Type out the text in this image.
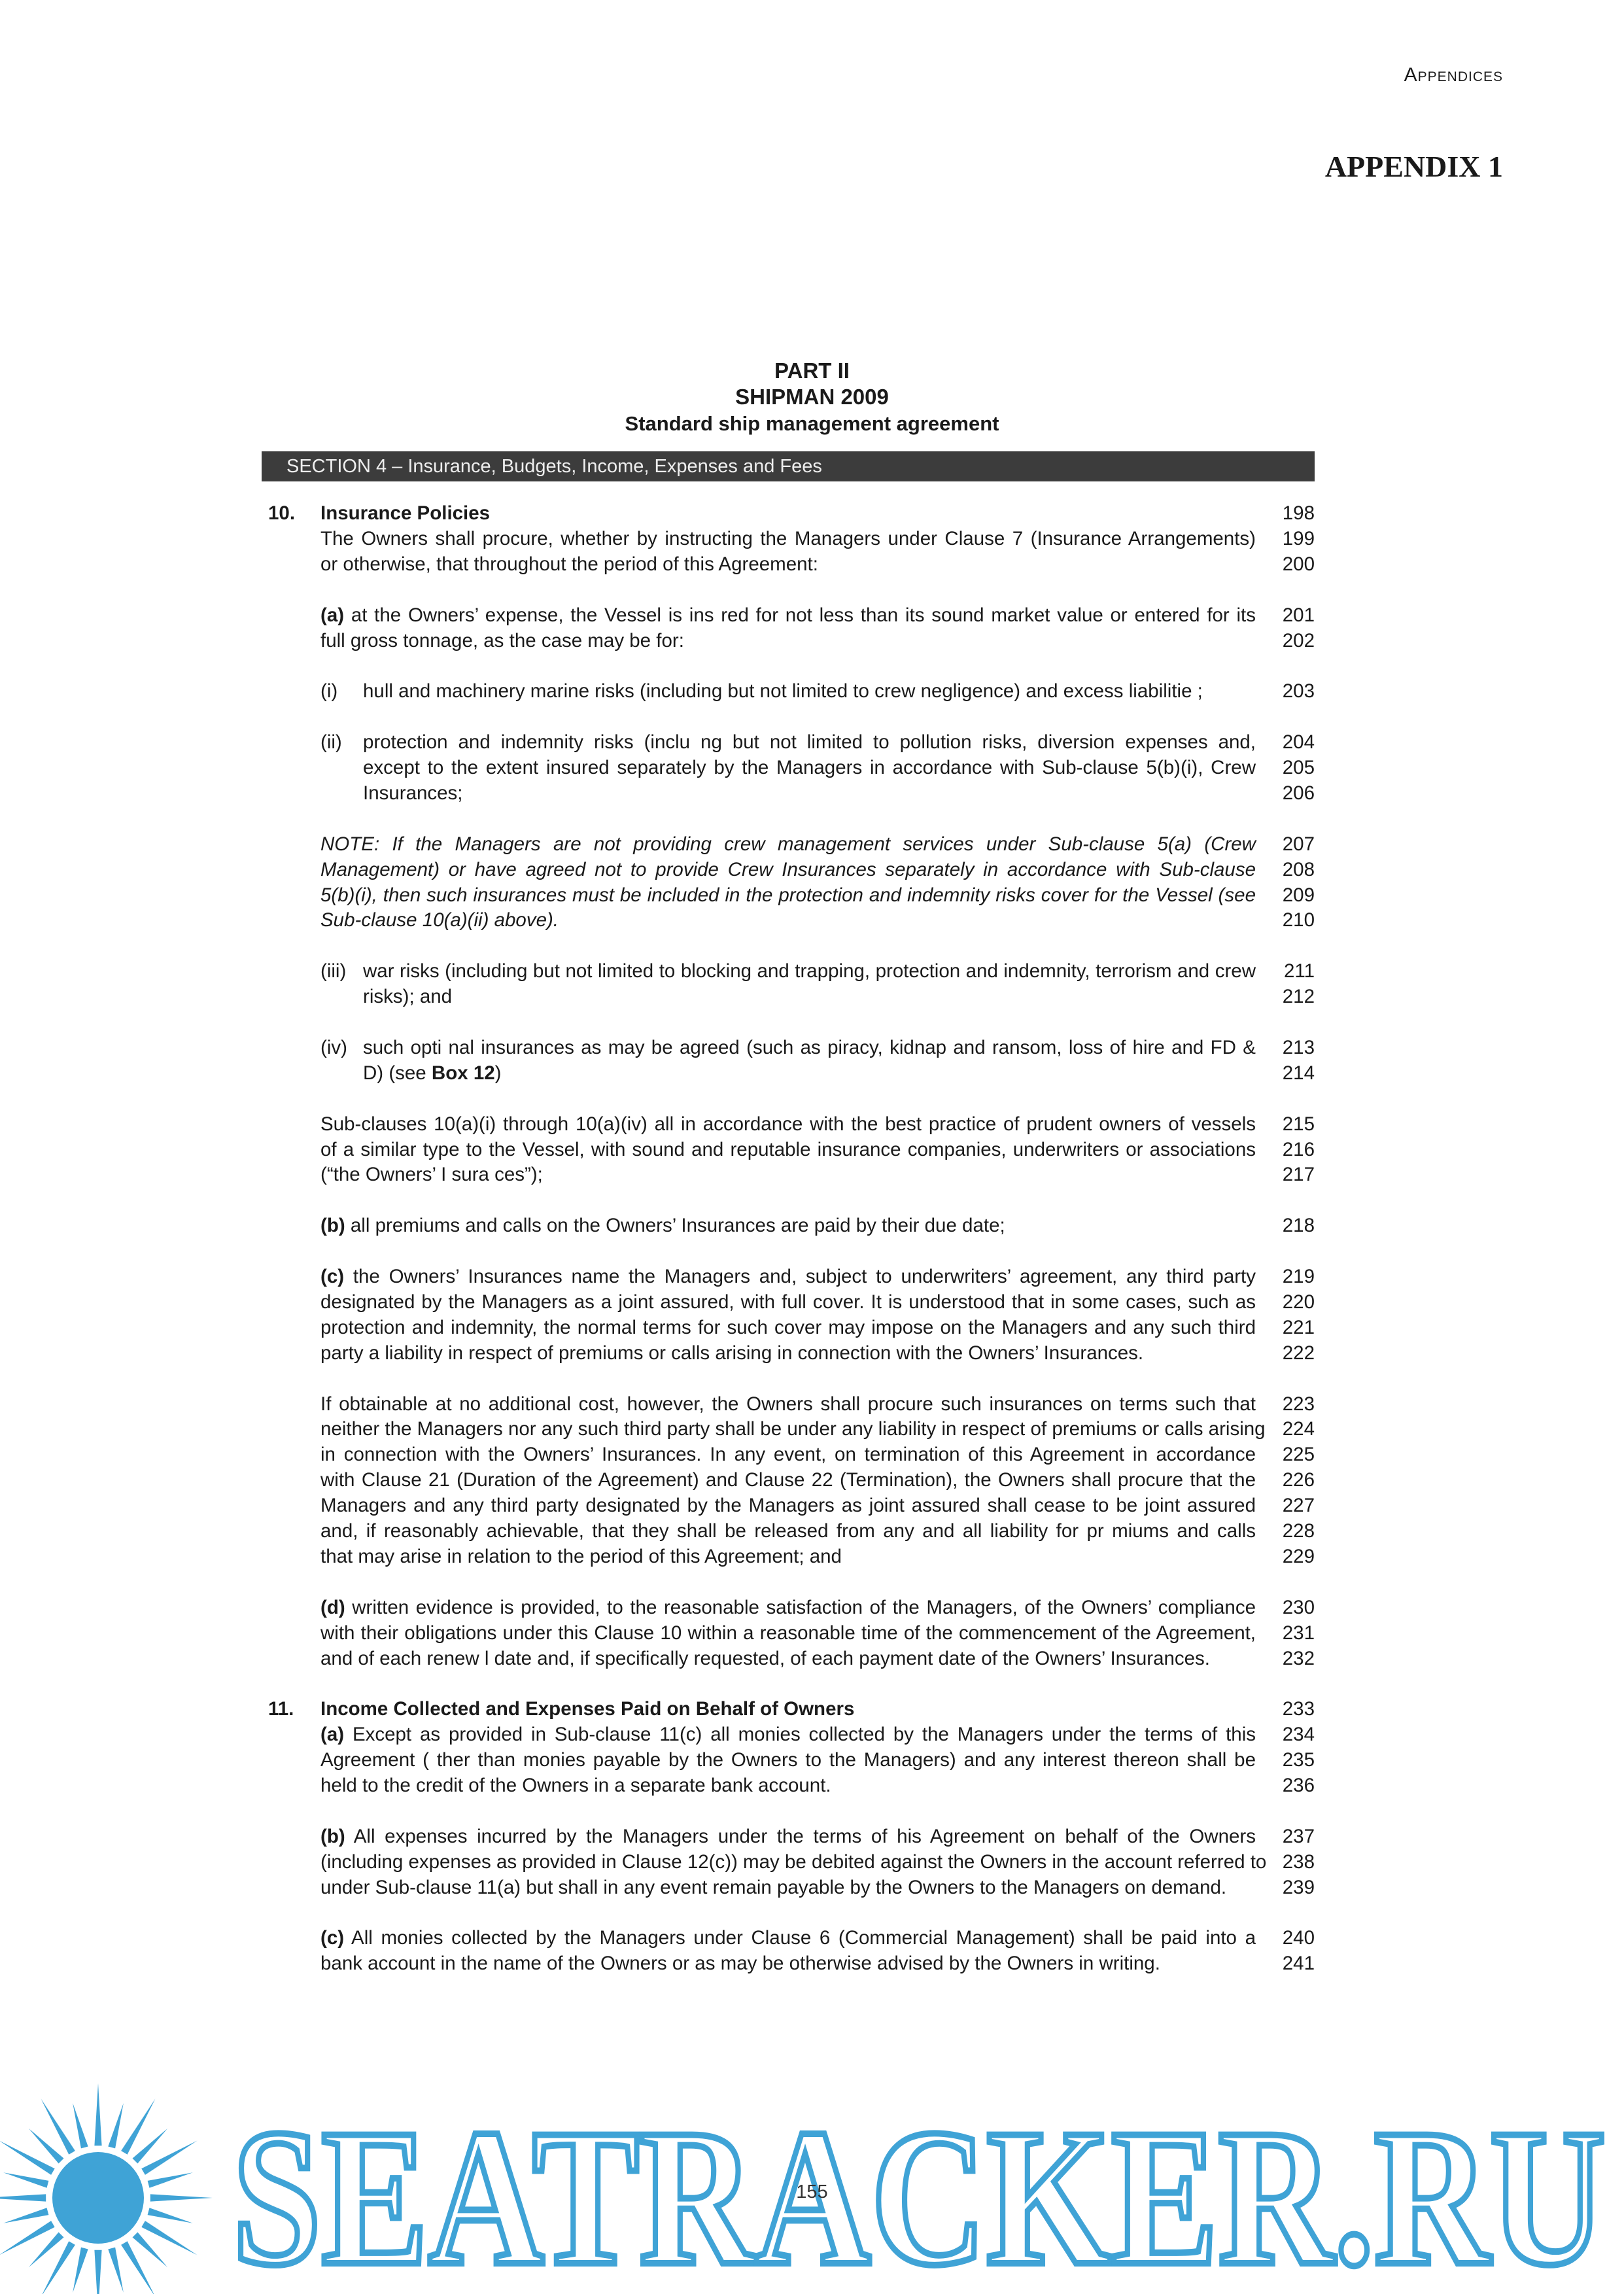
Appendices
APPENDIX 1
PART II
SHIPMAN 2009
Standard ship management agreement
SECTION 4 – Insurance, Budgets, Income, Expenses and Fees
10. Insurance Policies	198
The Owners shall procure, whether by instructing the Managers under Clause 7 (Insurance Arrangements)	199
or otherwise, that throughout the period of this Agreement:	200
(a) at the Owners’ expense, the Vessel is ins red for not less than its sound market value or entered for its	201
full gross tonnage, as the case may be for:	202
(i) hull and machinery marine risks (including but not limited to crew negligence) and excess liabilitie ;	203
(ii) protection and indemnity risks (inclu ng but not limited to pollution risks, diversion expenses and,	204
except to the extent insured separately by the Managers in accordance with Sub-clause 5(b)(i), Crew	205
Insurances;	206
NOTE: If the Managers are not providing crew management services under Sub-clause 5(a) (Crew	207
Management) or have agreed not to provide Crew Insurances separately in accordance with Sub-clause	208
5(b)(i), then such insurances must be included in the protection and indemnity risks cover for the Vessel (see	209
Sub-clause 10(a)(ii) above).	210
(iii) war risks (including but not limited to blocking and trapping, protection and indemnity, terrorism and crew	211
risks); and	212
(iv) such opti nal insurances as may be agreed (such as piracy, kidnap and ransom, loss of hire and FD &	213
D) (see Box 12)	214
Sub-clauses 10(a)(i) through 10(a)(iv) all in accordance with the best practice of prudent owners of vessels	215
of a similar type to the Vessel, with sound and reputable insurance companies, underwriters or associations	216
(“the Owners’ I sura ces”);	217
(b) all premiums and calls on the Owners’ Insurances are paid by their due date;	218
(c) the Owners’ Insurances name the Managers and, subject to underwriters’ agreement, any third party	219
designated by the Managers as a joint assured, with full cover. It is understood that in some cases, such as	220
protection and indemnity, the normal terms for such cover may impose on the Managers and any such third	221
party a liability in respect of premiums or calls arising in connection with the Owners’ Insurances.	222
If obtainable at no additional cost, however, the Owners shall procure such insurances on terms such that	223
neither the Managers nor any such third party shall be under any liability in respect of premiums or calls arising 224
in connection with the Owners’ Insurances. In any event, on termination of this Agreement in accordance	225
with Clause 21 (Duration of the Agreement) and Clause 22 (Termination), the Owners shall procure that the	226
Managers and any third party designated by the Managers as joint assured shall cease to be joint assured	227
and, if reasonably achievable, that they shall be released from any and all liability for pr miums and calls	228
that may arise in relation to the period of this Agreement; and	229
(d) written evidence is provided, to the reasonable satisfaction of the Managers, of the Owners’ compliance	230
with their obligations under this Clause 10 within a reasonable time of the commencement of the Agreement,	231
and of each renew l date and, if specifically requested, of each payment date of the Owners’ Insurances.	232
11. Income Collected and Expenses Paid on Behalf of Owners	233
(a) Except as provided in Sub-clause 11(c) all monies collected by the Managers under the terms of this	234
Agreement ( ther than monies payable by the Owners to the Managers) and any interest thereon shall be	235
held to the credit of the Owners in a separate bank account.	236
(b) All expenses incurred by the Managers under the terms of his Agreement on behalf of the Owners	237
(including expenses as provided in Clause 12(c)) may be debited against the Owners in the account referred to 238
under Sub-clause 11(a) but shall in any event remain payable by the Owners to the Managers on demand.	239
(c) All monies collected by the Managers under Clause 6 (Commercial Management) shall be paid into a	240
bank account in the name of the Owners or as may be otherwise advised by the Owners in writing.	241
SEATRACKER.RU
155
